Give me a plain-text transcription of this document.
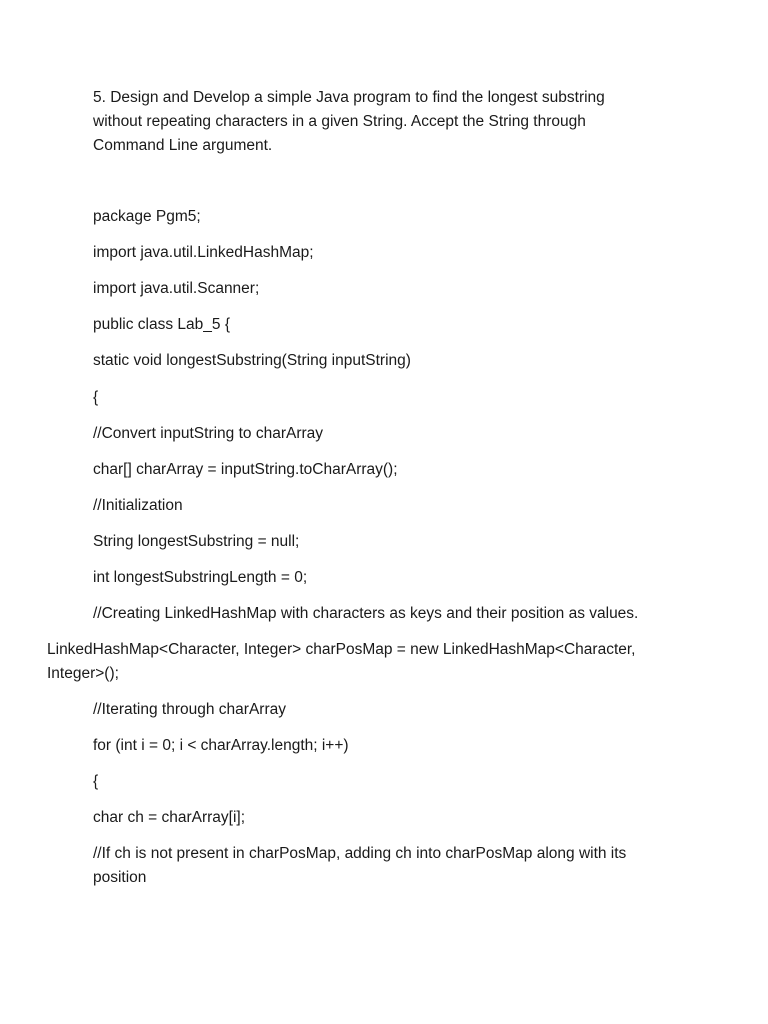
5. Design and Develop a simple Java program to find the longest substring
without repeating characters in a given String. Accept the String through
Command Line argument.
package Pgm5;
import java.util.LinkedHashMap;
import java.util.Scanner;
public class Lab_5 {
static void longestSubstring(String inputString)
{
//Convert inputString to charArray
char[] charArray = inputString.toCharArray();
//Initialization
String longestSubstring = null;
int longestSubstringLength = 0;
//Creating LinkedHashMap with characters as keys and their position as values.
LinkedHashMap<Character, Integer> charPosMap = new LinkedHashMap<Character,
Integer>();
//Iterating through charArray
for (int i = 0; i < charArray.length; i++)
{
char ch = charArray[i];
//If ch is not present in charPosMap, adding ch into charPosMap along with its
position
